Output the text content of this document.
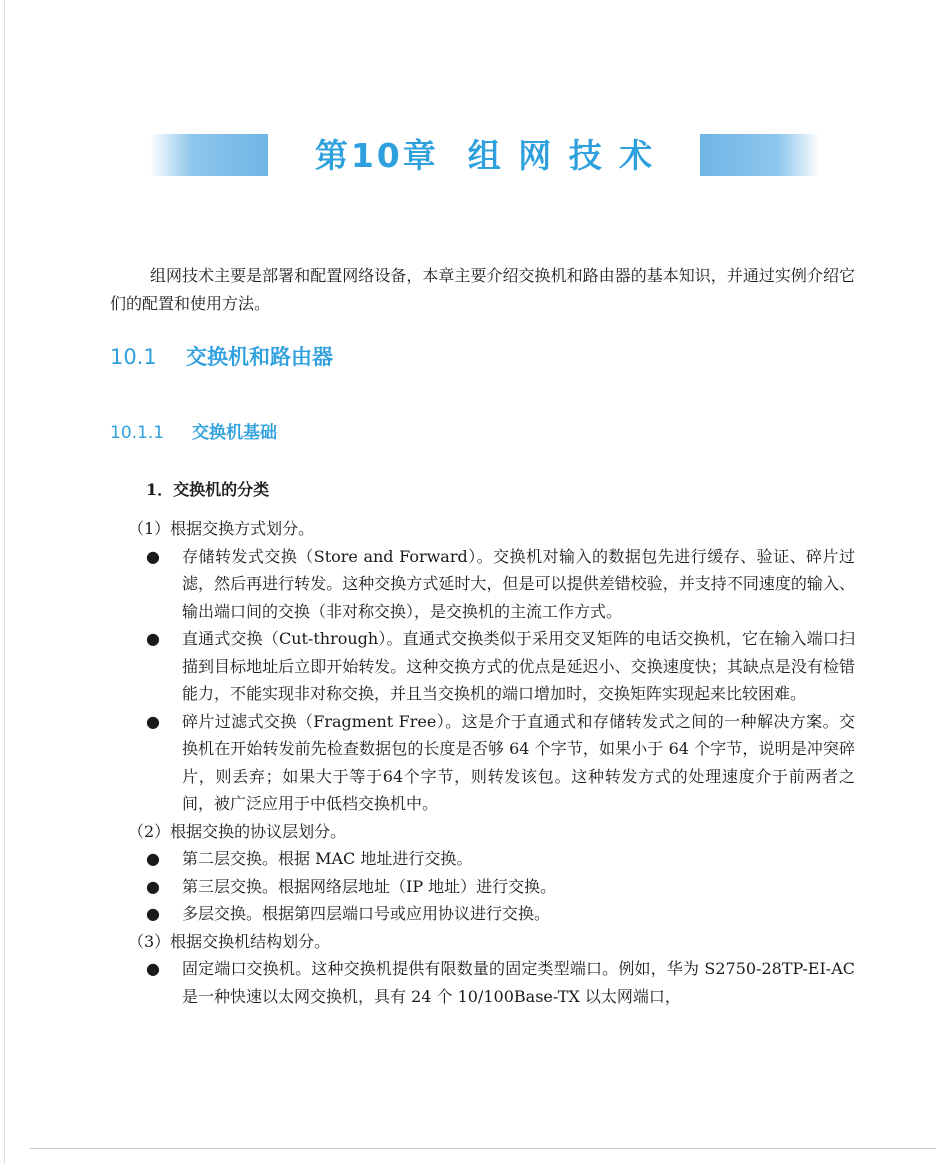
第10章  组 网 技 术

组网技术主要是部署和配置网络设备，本章主要介绍交换机和路由器的基本知识，并通过实例介绍它们的配置和使用方法。

10.1 交换机和路由器
10.1.1 交换机基础
1．交换机的分类

（1）根据交换方式划分。

● 存储转发式交换（Store and Forward）。交换机对输入的数据包先进行缓存、验证、碎片过滤，然后再进行转发。这种交换方式延时大，但是可以提供差错校验，并支持不同速度的输入、输出端口间的交换（非对称交换），是交换机的主流工作方式。

● 直通式交换（Cut-through）。直通式交换类似于采用交叉矩阵的电话交换机，它在输入端口扫描到目标地址后立即开始转发。这种交换方式的优点是延迟小、交换速度快；其缺点是没有检错能力，不能实现非对称交换，并且当交换机的端口增加时，交换矩阵实现起来比较困难。

● 碎片过滤式交换（Fragment Free）。这是介于直通式和存储转发式之间的一种解决方案。交换机在开始转发前先检查数据包的长度是否够 64 个字节，如果小于 64 个字节，说明是冲突碎片，则丢弃；如果大于等于64个字节，则转发该包。这种转发方式的处理速度介于前两者之间，被广泛应用于中低档交换机中。

（2）根据交换的协议层划分。

● 第二层交换。根据 MAC 地址进行交换。

● 第三层交换。根据网络层地址（IP 地址）进行交换。

● 多层交换。根据第四层端口号或应用协议进行交换。

（3）根据交换机结构划分。

● 固定端口交换机。这种交换机提供有限数量的固定类型端口。例如，华为 S2750-28TP-EI-AC 是一种快速以太网交换机，具有 24 个 10/100Base-TX 以太网端口，
